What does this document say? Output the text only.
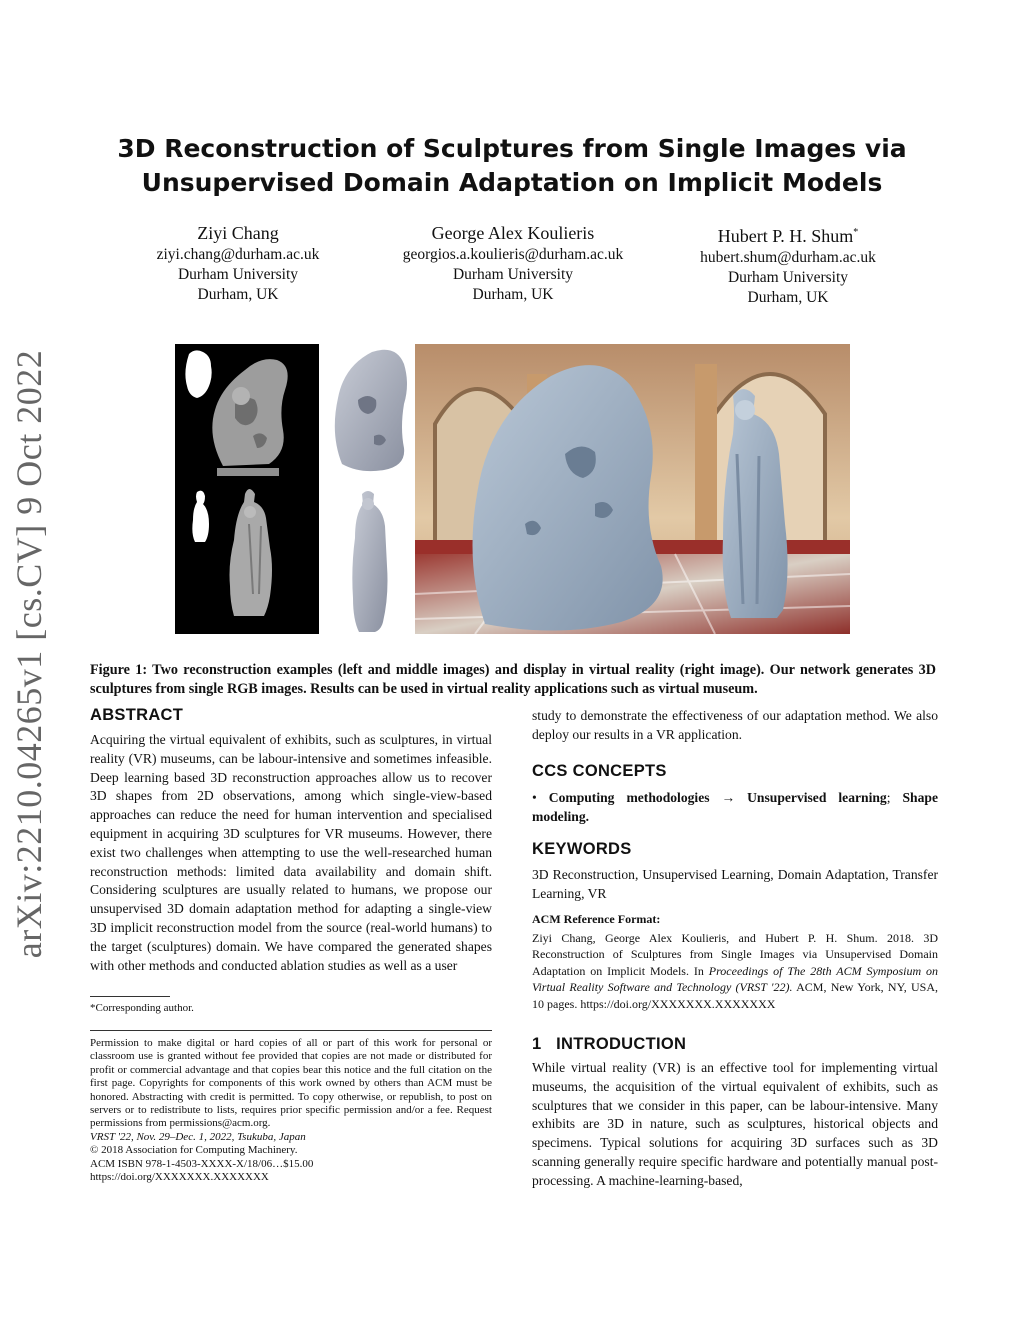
arXiv:2210.04265v1 [cs.CV] 9 Oct 2022
3D Reconstruction of Sculptures from Single Images via
Unsupervised Domain Adaptation on Implicit Models
Ziyi Chang
ziyi.chang@durham.ac.uk
Durham University
Durham, UK
George Alex Koulieris
georgios.a.koulieris@durham.ac.uk
Durham University
Durham, UK
Hubert P. H. Shum*
hubert.shum@durham.ac.uk
Durham University
Durham, UK
Figure 1: Two reconstruction examples (left and middle images) and display in virtual reality (right image). Our network generates 3D sculptures from single RGB images. Results can be used in virtual reality applications such as virtual museum.
ABSTRACT

Acquiring the virtual equivalent of exhibits, such as sculptures, in virtual reality (VR) museums, can be labour-intensive and sometimes infeasible. Deep learning based 3D reconstruction approaches allow us to recover 3D shapes from 2D observations, among which single-view-based approaches can reduce the need for human intervention and specialised equipment in acquiring 3D sculptures for VR museums. However, there exist two challenges when attempting to use the well-researched human reconstruction methods: limited data availability and domain shift. Considering sculptures are usually related to humans, we propose our unsupervised 3D domain adaptation method for adapting a single-view 3D implicit reconstruction model from the source (real-world humans) to the target (sculptures) domain. We have compared the generated shapes with other methods and conducted ablation studies as well as a user

*Corresponding author.

Permission to make digital or hard copies of all or part of this work for personal or classroom use is granted without fee provided that copies are not made or distributed for profit or commercial advantage and that copies bear this notice and the full citation on the first page. Copyrights for components of this work owned by others than ACM must be honored. Abstracting with credit is permitted. To copy otherwise, or republish, to post on servers or to redistribute to lists, requires prior specific permission and/or a fee. Request permissions from permissions@acm.org.

VRST '22, Nov. 29–Dec. 1, 2022, Tsukuba, Japan
© 2018 Association for Computing Machinery.
ACM ISBN 978-1-4503-XXXX-X/18/06…$15.00
https://doi.org/XXXXXXX.XXXXXXX

study to demonstrate the effectiveness of our adaptation method. We also deploy our results in a VR application.

CCS CONCEPTS

• Computing methodologies → Unsupervised learning; Shape modeling.

KEYWORDS

3D Reconstruction, Unsupervised Learning, Domain Adaptation, Transfer Learning, VR

ACM Reference Format:

Ziyi Chang, George Alex Koulieris, and Hubert P. H. Shum. 2018. 3D Reconstruction of Sculptures from Single Images via Unsupervised Domain Adaptation on Implicit Models. In Proceedings of The 28th ACM Symposium on Virtual Reality Software and Technology (VRST '22). ACM, New York, NY, USA, 10 pages. https://doi.org/XXXXXXX.XXXXXXX

1 INTRODUCTION

While virtual reality (VR) is an effective tool for implementing virtual museums, the acquisition of the virtual equivalent of exhibits, such as sculptures that we consider in this paper, can be labour-intensive. Many exhibits are 3D in nature, such as sculptures, historical objects and specimens. Typical solutions for acquiring 3D surfaces such as 3D scanning generally require specific hardware and potentially manual post-processing. A machine-learning-based,
